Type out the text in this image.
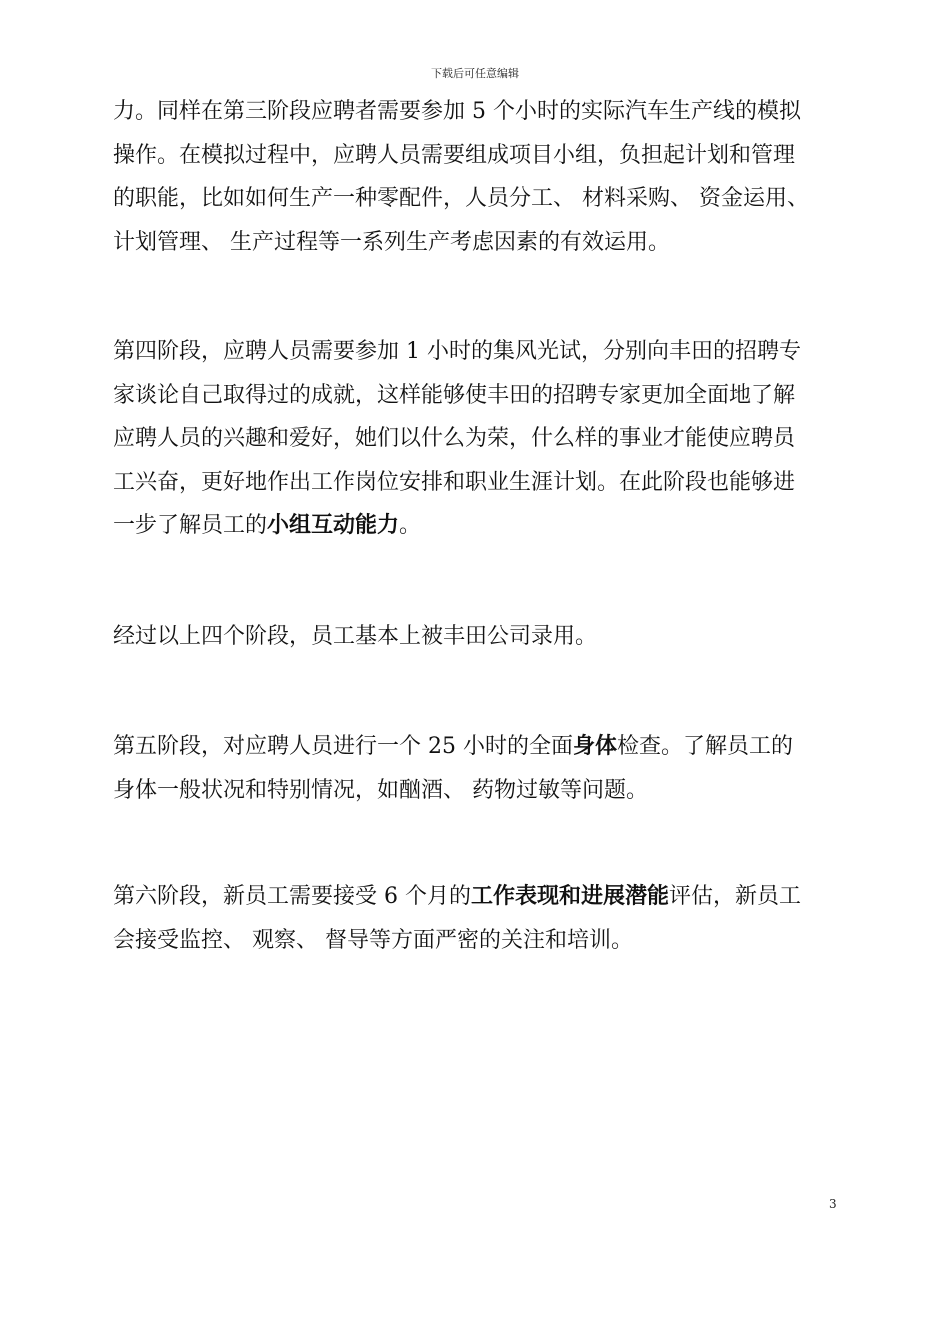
下载后可任意编辑

力。同样在第三阶段应聘者需要参加 5 个小时的实际汽车生产线的模拟
操作。在模拟过程中，应聘人员需要组成项目小组，负担起计划和管理
的职能，比如如何生产一种零配件，人员分工、 材料采购、 资金运用、
计划管理、 生产过程等一系列生产考虑因素的有效运用。

第四阶段，应聘人员需要参加 1 小时的集风光试，分别向丰田的招聘专
家谈论自己取得过的成就，这样能够使丰田的招聘专家更加全面地了解
应聘人员的兴趣和爱好，她们以什么为荣，什么样的事业才能使应聘员
工兴奋，更好地作出工作岗位安排和职业生涯计划。在此阶段也能够进
一步了解员工的小组互动能力。

经过以上四个阶段，员工基本上被丰田公司录用。

第五阶段，对应聘人员进行一个 25 小时的全面身体检查。了解员工的
身体一般状况和特别情况，如酗酒、 药物过敏等问题。

第六阶段，新员工需要接受 6 个月的工作表现和进展潜能评估，新员工
会接受监控、 观察、 督导等方面严密的关注和培训。

3
